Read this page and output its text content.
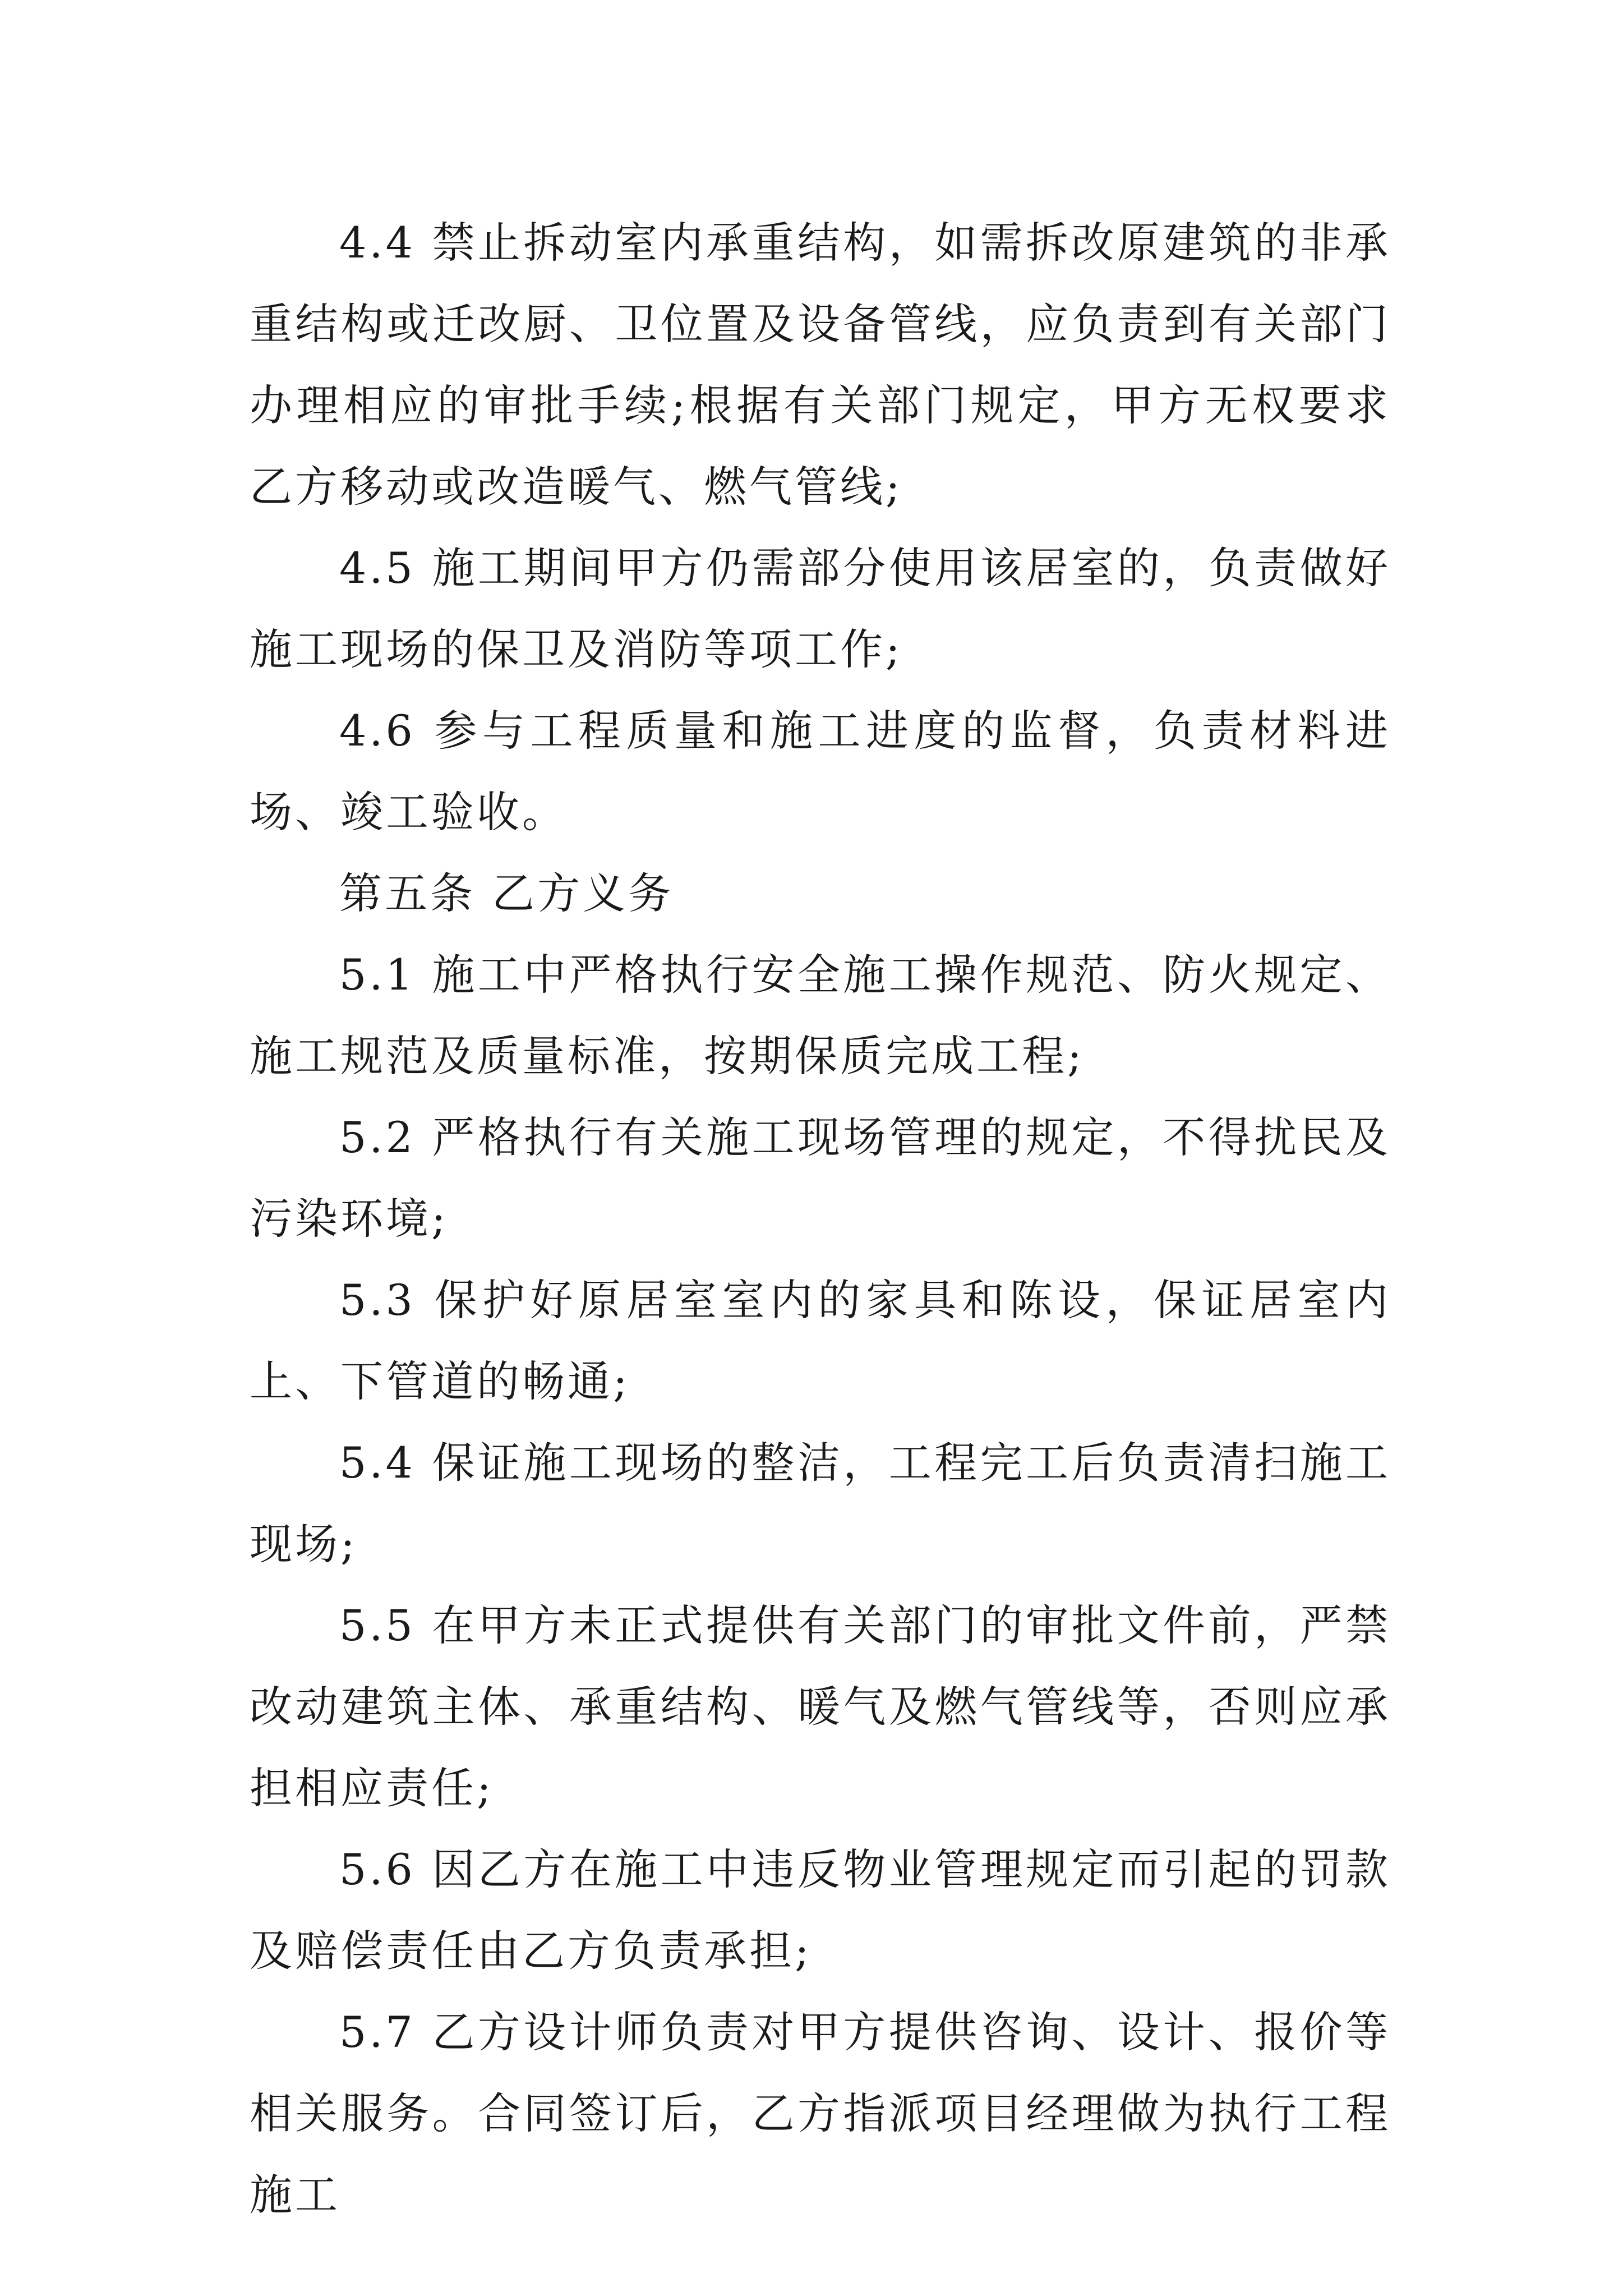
4.4 禁止拆动室内承重结构，如需拆改原建筑的非承重结构或迁改厨、卫位置及设备管线，应负责到有关部门办理相应的审批手续;根据有关部门规定，甲方无权要求乙方移动或改造暖气、燃气管线;

4.5 施工期间甲方仍需部分使用该居室的，负责做好施工现场的保卫及消防等项工作;

4.6 参与工程质量和施工进度的监督，负责材料进场、竣工验收。

第五条 乙方义务

5.1 施工中严格执行安全施工操作规范、防火规定、施工规范及质量标准，按期保质完成工程;

5.2 严格执行有关施工现场管理的规定，不得扰民及污染环境;

5.3 保护好原居室室内的家具和陈设，保证居室内上、下管道的畅通;

5.4 保证施工现场的整洁，工程完工后负责清扫施工现场;

5.5 在甲方未正式提供有关部门的审批文件前，严禁改动建筑主体、承重结构、暖气及燃气管线等，否则应承担相应责任;

5.6 因乙方在施工中违反物业管理规定而引起的罚款及赔偿责任由乙方负责承担;

5.7 乙方设计师负责对甲方提供咨询、设计、报价等相关服务。合同签订后，乙方指派项目经理做为执行工程施工
